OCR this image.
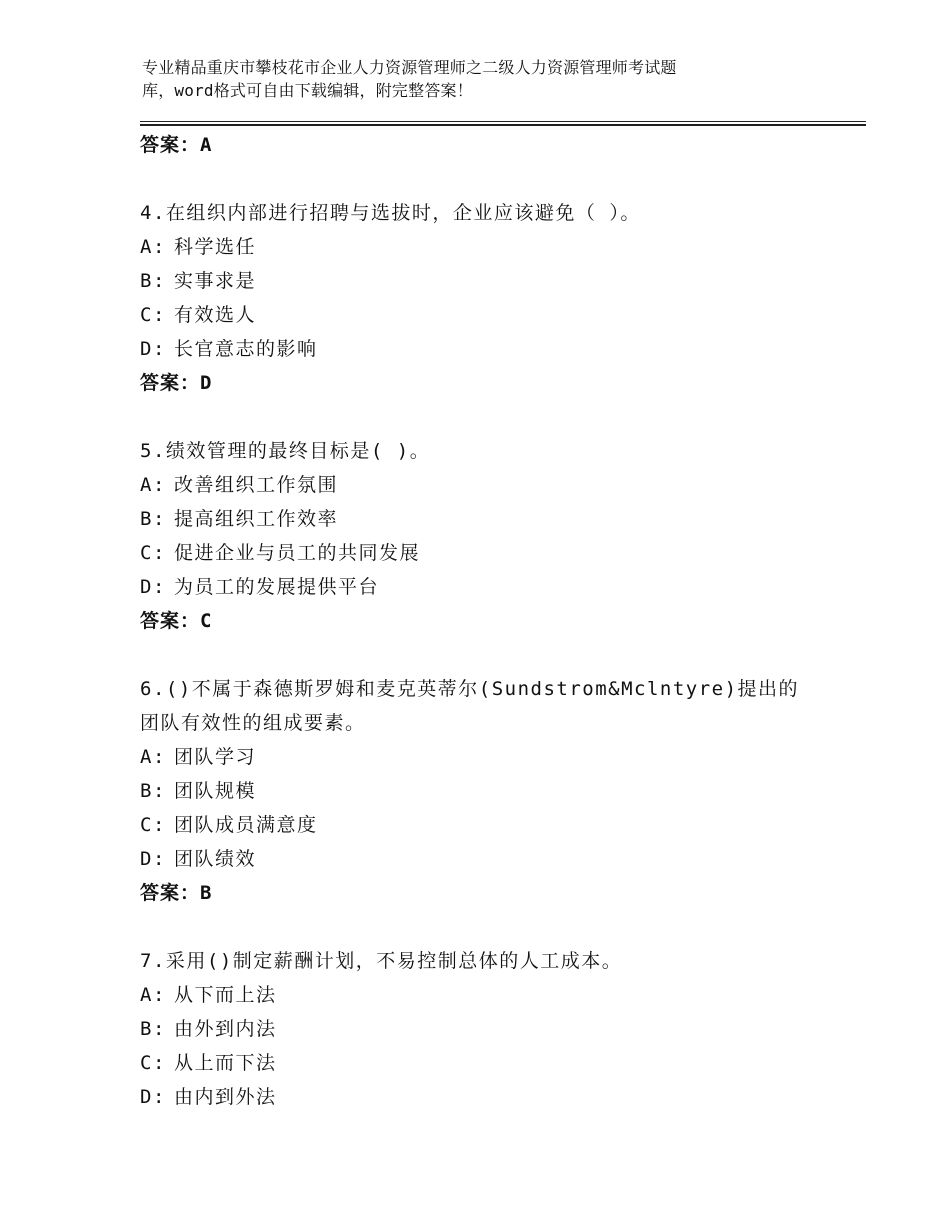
专业精品重庆市攀枝花市企业人力资源管理师之二级人力资源管理师考试题
库，word格式可自由下载编辑，附完整答案！
答案：A
4.在组织内部进行招聘与选拔时，企业应该避免（ ）。
A: 科学选任
B: 实事求是
C: 有效选人
D: 长官意志的影响
答案：D
5.绩效管理的最终目标是( )。
A: 改善组织工作氛围
B: 提高组织工作效率
C: 促进企业与员工的共同发展
D: 为员工的发展提供平台
答案：C
6.()不属于森德斯罗姆和麦克英蒂尔(Sundstrom&Mclntyre)提出的团队有效性的组成要素。
A: 团队学习
B: 团队规模
C: 团队成员满意度
D: 团队绩效
答案：B
7.采用()制定薪酬计划，不易控制总体的人工成本。
A: 从下而上法
B: 由外到内法
C: 从上而下法
D: 由内到外法
